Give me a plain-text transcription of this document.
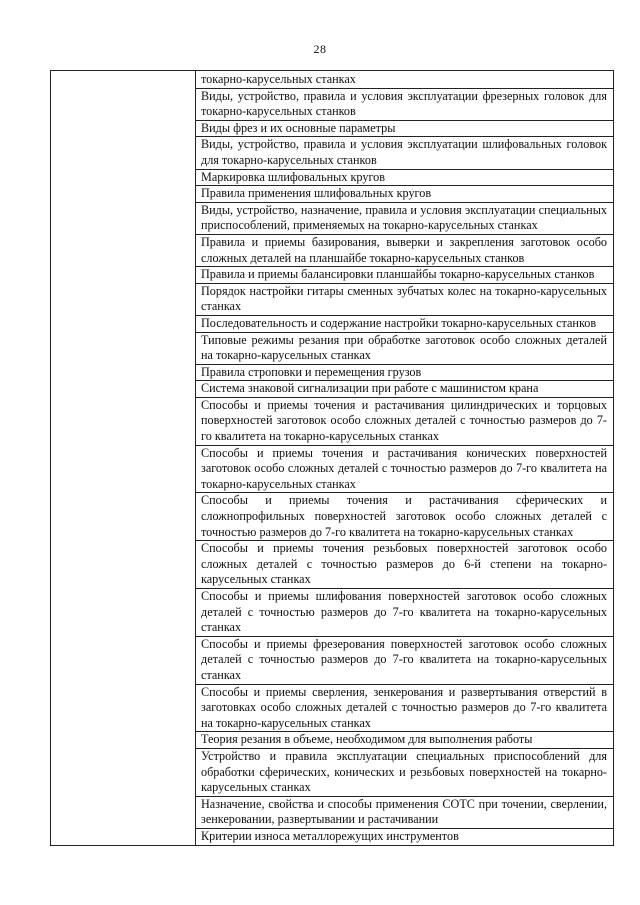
28

токарно-карусельных станках

Виды, устройство, правила и условия эксплуатации фрезерных головок для токарно-карусельных станков

Виды фрез и их основные параметры

Виды, устройство, правила и условия эксплуатации шлифовальных головок для токарно-карусельных станков

Маркировка шлифовальных кругов

Правила применения шлифовальных кругов

Виды, устройство, назначение, правила и условия эксплуатации специальных приспособлений, применяемых на токарно-карусельных станках

Правила и приемы базирования, выверки и закрепления заготовок особо сложных деталей на планшайбе токарно-карусельных станков

Правила и приемы балансировки планшайбы токарно-карусельных станков

Порядок настройки гитары сменных зубчатых колес на токарно-карусельных станках

Последовательность и содержание настройки токарно-карусельных станков

Типовые режимы резания при обработке заготовок особо сложных деталей на токарно-карусельных станках

Правила строповки и перемещения грузов

Система знаковой сигнализации при работе с машинистом крана

Способы и приемы точения и растачивания цилиндрических и торцовых поверхностей заготовок особо сложных деталей с точностью размеров до 7-го квалитета на токарно-карусельных станках

Способы и приемы точения и растачивания конических поверхностей заготовок особо сложных деталей с точностью размеров до 7-го квалитета на токарно-карусельных станках

Способы и приемы точения и растачивания сферических и сложнопрофильных поверхностей заготовок особо сложных деталей с точностью размеров до 7-го квалитета на токарно-карусельных станках

Способы и приемы точения резьбовых поверхностей заготовок особо сложных деталей с точностью размеров до 6-й степени на токарно-карусельных станках

Способы и приемы шлифования поверхностей заготовок особо сложных деталей с точностью размеров до 7-го квалитета на токарно-карусельных станках

Способы и приемы фрезерования поверхностей заготовок особо сложных деталей с точностью размеров до 7-го квалитета на токарно-карусельных станках

Способы и приемы сверления, зенкерования и развертывания отверстий в заготовках особо сложных деталей с точностью размеров до 7-го квалитета на токарно-карусельных станках

Теория резания в объеме, необходимом для выполнения работы

Устройство и правила эксплуатации специальных приспособлений для обработки сферических, конических и резьбовых поверхностей на токарно-карусельных станках

Назначение, свойства и способы применения СОТС при точении, сверлении, зенкеровании, развертывании и растачивании

Критерии износа металлорежущих инструментов
